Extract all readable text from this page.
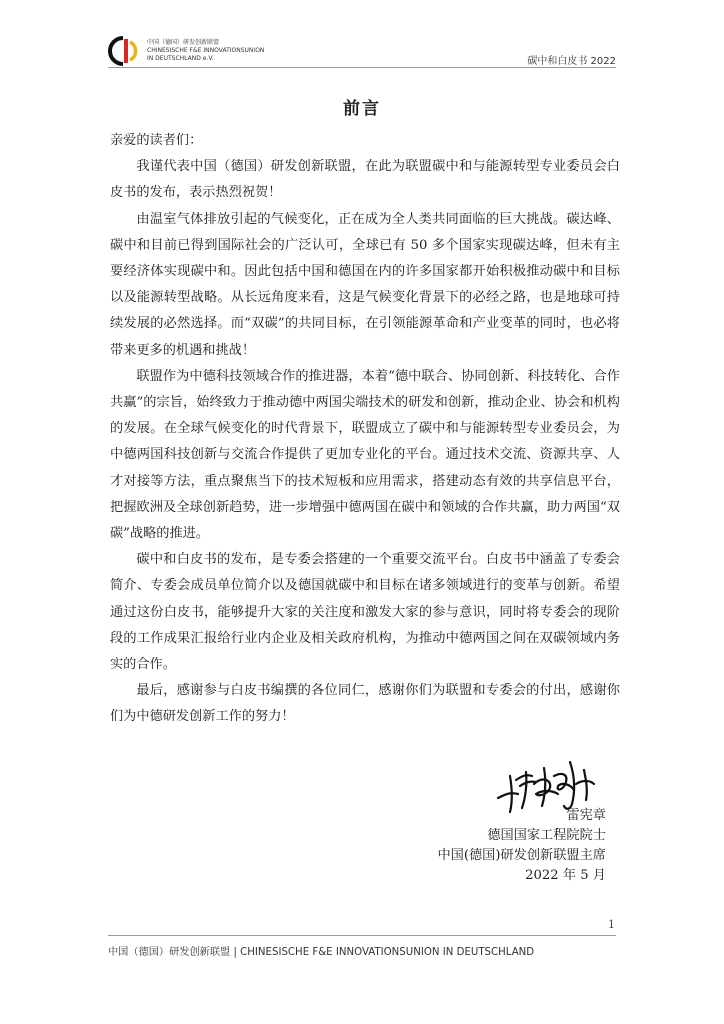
中国（德国）研发创新联盟
CHINESISCHE F&E INNOVATIONSUNION
IN DEUTSCHLAND e.V.	碳中和白皮书 2022
前言

亲爱的读者们：

我谨代表中国（德国）研发创新联盟，在此为联盟碳中和与能源转型专业委员会白皮书的发布，表示热烈祝贺！

由温室气体排放引起的气候变化，正在成为全人类共同面临的巨大挑战。碳达峰、碳中和目前已得到国际社会的广泛认可，全球已有 50 多个国家实现碳达峰，但未有主要经济体实现碳中和。因此包括中国和德国在内的许多国家都开始积极推动碳中和目标以及能源转型战略。从长远角度来看，这是气候变化背景下的必经之路，也是地球可持续发展的必然选择。而“双碳”的共同目标，在引领能源革命和产业变革的同时，也必将带来更多的机遇和挑战！

联盟作为中德科技领域合作的推进器，本着“德中联合、协同创新、科技转化、合作共赢”的宗旨，始终致力于推动德中两国尖端技术的研发和创新，推动企业、协会和机构的发展。在全球气候变化的时代背景下，联盟成立了碳中和与能源转型专业委员会，为中德两国科技创新与交流合作提供了更加专业化的平台。通过技术交流、资源共享、人才对接等方法，重点聚焦当下的技术短板和应用需求，搭建动态有效的共享信息平台，把握欧洲及全球创新趋势，进一步增强中德两国在碳中和领域的合作共赢，助力两国“双碳”战略的推进。

碳中和白皮书的发布，是专委会搭建的一个重要交流平台。白皮书中涵盖了专委会简介、专委会成员单位简介以及德国就碳中和目标在诸多领域进行的变革与创新。希望通过这份白皮书，能够提升大家的关注度和激发大家的参与意识，同时将专委会的现阶段的工作成果汇报给行业内企业及相关政府机构，为推动中德两国之间在双碳领域内务实的合作。

最后，感谢参与白皮书编撰的各位同仁，感谢你们为联盟和专委会的付出，感谢你们为中德研发创新工作的努力！

雷宪章
德国国家工程院院士
中国(德国)研发创新联盟主席
2022 年 5 月
1
中国（德国）研发创新联盟 | CHINESISCHE F&E INNOVATIONSUNION IN DEUTSCHLAND
